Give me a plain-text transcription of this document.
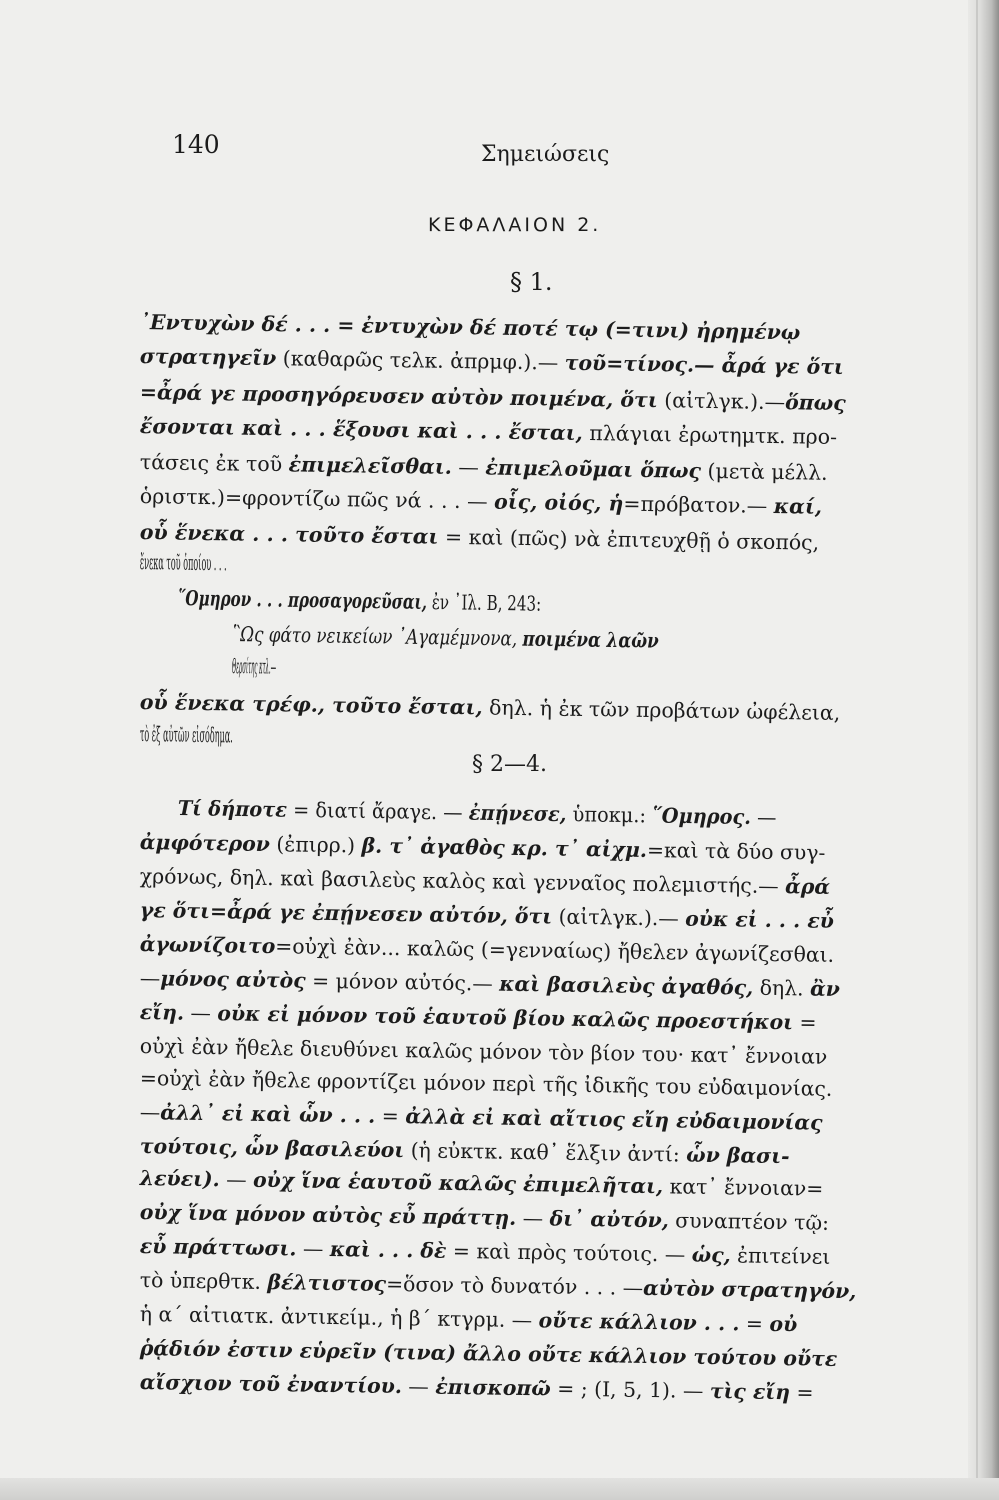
140	Σημειώσεις
ΚΕΦΑΛΑΙΟΝ 2.
§ 1.
§ 2—4.
᾿Εντυχὼν δέ . . . = ἐντυχὼν δέ ποτέ τῳ (=τινι) ἠρημένῳ
στρατηγεῖν (καθαρῶς τελκ. ἀπρμφ.).— τοῦ=τίνος.— ἆρά γε ὅτι
=ἆρά γε προσηγόρευσεν αὐτὸν ποιμένα, ὅτι (αἰτλγκ.).—ὅπως
ἔσονται καὶ . . . ἕξουσι καὶ . . . ἔσται, πλάγιαι ἐρωτημτκ. προ-
τάσεις ἐκ τοῦ ἐπιμελεῖσθαι. — ἐπιμελοῦμαι ὅπως (μετὰ μέλλ.
ὁριστκ.)=φροντίζω πῶς νά . . . — οἷς, οἰός, ἡ=πρόβατον.— καί,
οὗ ἕνεκα . . . τοῦτο ἔσται = καὶ (πῶς) νὰ ἐπιτευχθῇ ὁ σκοπός,
ἕνεκα τοῦ ὁποίου . . .
῞Ομηρον . . . προσαγορεῦσαι, ἐν ᾿Ιλ. Β, 243:
῝Ως φάτο νεικείων ᾿Αγαμέμνονα, ποιμένα λαῶν
Θερσίτης κτλ.—
οὗ ἕνεκα τρέφ., τοῦτο ἔσται, δηλ. ἡ ἐκ τῶν προβάτων ὠφέλεια,
τὸ ἐξ αὐτῶν εἰσόδημα.
Τί δήποτε = διατί ἄραγε. — ἐπῄνεσε, ὑποκμ.: ῞Ομηρος. —
ἀμφότερον (ἐπιρρ.) β. τ᾿ ἀγαθὸς κρ. τ᾿ αἰχμ.=καὶ τὰ δύο συγ-
χρόνως, δηλ. καὶ βασιλεὺς καλὸς καὶ γενναῖος πολεμιστής.— ἆρά
γε ὅτι=ἆρά γε ἐπῄνεσεν αὐτόν, ὅτι (αἰτλγκ.).— οὐκ εἰ . . . εὖ
ἀγωνίζοιτο=οὐχὶ ἐὰν... καλῶς (=γενναίως) ἤθελεν ἀγωνίζεσθαι.
—μόνος αὐτὸς = μόνον αὐτός.— καὶ βασιλεὺς ἀγαθός, δηλ. ἂν
εἴη. — οὐκ εἰ μόνον τοῦ ἑαυτοῦ βίου καλῶς προεστήκοι =
οὐχὶ ἐὰν ἤθελε διευθύνει καλῶς μόνον τὸν βίον του· κατ᾿ ἔννοιαν
=οὐχὶ ἐὰν ἤθελε φροντίζει μόνον περὶ τῆς ἰδικῆς του εὐδαιμονίας.
—ἀλλ᾿ εἰ καὶ ὧν . . . = ἀλλὰ εἰ καὶ αἴτιος εἴη εὐδαιμονίας
τούτοις, ὧν βασιλεύοι (ἡ εὐκτκ. καθ᾿ ἕλξιν ἀντί: ὧν βασι-
λεύει). — οὐχ ἵνα ἑαυτοῦ καλῶς ἐπιμελῆται, κατ᾿ ἔννοιαν=
οὐχ ἵνα μόνον αὐτὸς εὖ πράττῃ. — δι᾿ αὐτόν, συναπτέον τῷ:
εὖ πράττωσι. — καὶ . . . δὲ = καὶ πρὸς τούτοις. — ὡς, ἐπιτείνει
τὸ ὑπερθτκ. βέλτιστος=ὅσον τὸ δυνατόν . . . —αὐτὸν στρατηγόν,
ἡ α´ αἰτιατκ. ἀντικείμ., ἡ β´ κτγρμ. — οὔτε κάλλιον . . . = οὐ
ῥᾴδιόν ἐστιν εὑρεῖν (τινα) ἄλλο οὔτε κάλλιον τούτου οὔτε
αἴσχιον τοῦ ἐναντίου. — ἐπισκοπῶ = ; (I, 5, 1). — τὶς εἴη =
